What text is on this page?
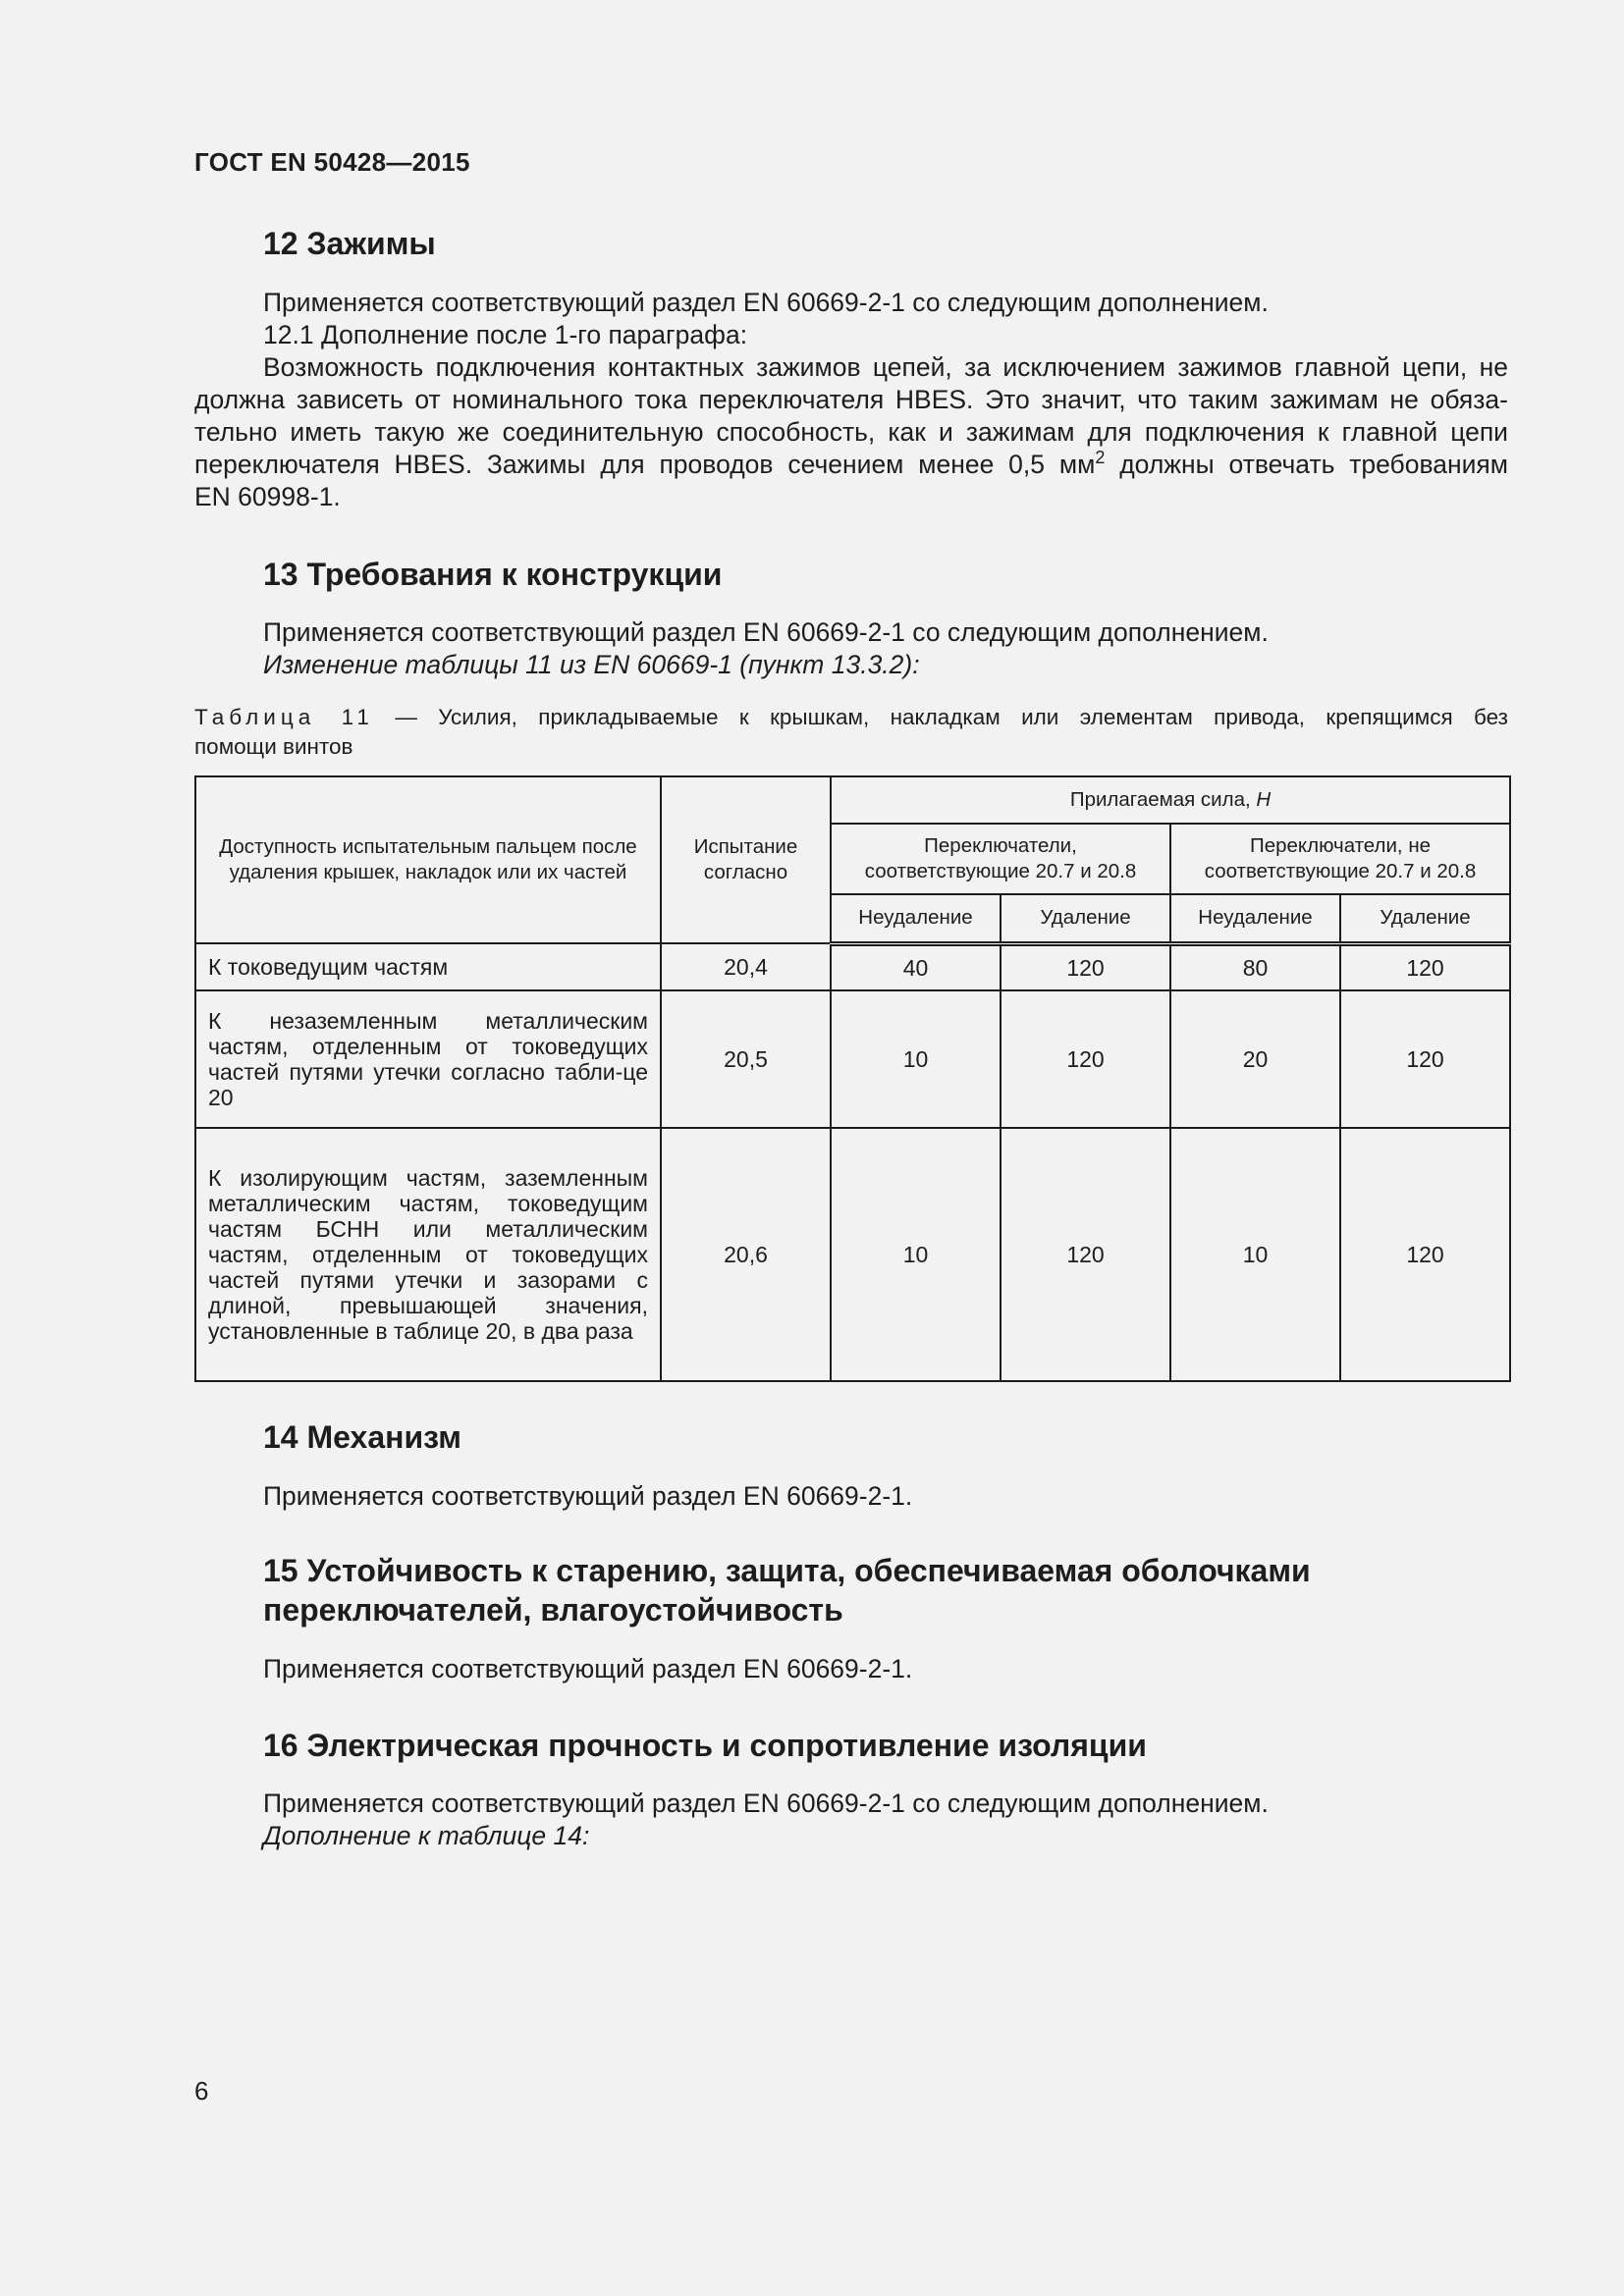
ГОСТ EN 50428—2015
12 Зажимы

Применяется соответствующий раздел EN 60669-2-1 со следующим дополнением.

12.1 Дополнение после 1-го параграфа:

Возможность подключения контактных зажимов цепей, за исключением зажимов главной цепи, не
должна зависеть от номинального тока переключателя HBES. Это значит, что таким зажимам не обяза-
тельно иметь такую же соединительную способность, как и зажимам для подключения к главной цепи
переключателя HBES. Зажимы для проводов сечением менее 0,5 $мм^2$ должны отвечать требованиям
EN 60998-1.
13 Требования к конструкции

Применяется соответствующий раздел EN 60669-2-1 со следующим дополнением.

Изменение таблицы 11 из EN 60669-1 (пункт 13.3.2):

Таблица 11 — Усилия, прикладываемые к крышкам, накладкам или элементам привода, крепящимся без
помощи винтов
Доступность испытательным пальцем после удаления крышек, накладок или их частей	Испытание согласно	Прилагаемая сила, Н			
		Переключатели, соответствующие 20.7 и 20.8		Переключатели, не соответствующие 20.7 и 20.8	
		Неудаление	Удаление	Неудаление	Удаление
К токоведущим частям	20,4	40	120	80	120
К незаземленным металлическим частям, отделенным от токоведущих частей путями утечки согласно табли-це 20	20,5	10	120	20	120
К изолирующим частям, заземленным металлическим частям, токоведущим частям БСНН или металлическим частям, отделенным от токоведущих частей путями утечки и зазорами с длиной, превышающей значения, установленные в таблице 20, в два раза	20,6	10	120	10	120
14 Механизм

Применяется соответствующий раздел EN 60669-2-1.

15 Устойчивость к старению, защита, обеспечиваемая оболочками
переключателей, влагоустойчивость

Применяется соответствующий раздел EN 60669-2-1.

16 Электрическая прочность и сопротивление изоляции

Применяется соответствующий раздел EN 60669-2-1 со следующим дополнением.

Дополнение к таблице 14:

6
